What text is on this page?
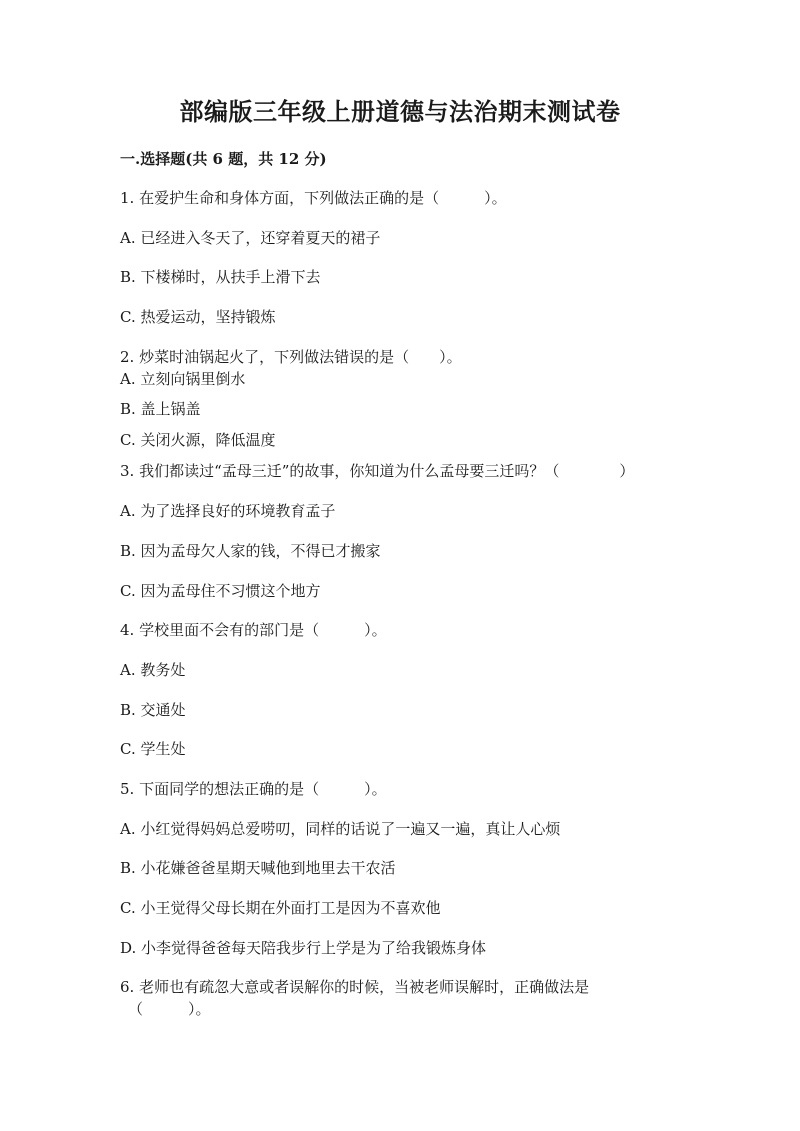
部编版三年级上册道德与法治期末测试卷
一.选择题(共 6 题，共 12 分)
1. 在爱护生命和身体方面，下列做法正确的是（　　　）。
A. 已经进入冬天了，还穿着夏天的裙子
B. 下楼梯时，从扶手上滑下去
C. 热爱运动，坚持锻炼
2. 炒菜时油锅起火了，下列做法错误的是（　　）。
A. 立刻向锅里倒水
B. 盖上锅盖
C. 关闭火源，降低温度
3. 我们都读过“孟母三迁”的故事，你知道为什么孟母要三迁吗？（　　　　）
A. 为了选择良好的环境教育孟子
B. 因为孟母欠人家的钱，不得已才搬家
C. 因为孟母住不习惯这个地方
4. 学校里面不会有的部门是（　　　）。
A. 教务处
B. 交通处
C. 学生处
5. 下面同学的想法正确的是（　　　）。
A. 小红觉得妈妈总爱唠叨，同样的话说了一遍又一遍，真让人心烦
B. 小花嫌爸爸星期天喊他到地里去干农活
C. 小王觉得父母长期在外面打工是因为不喜欢他
D. 小李觉得爸爸每天陪我步行上学是为了给我锻炼身体
6. 老师也有疏忽大意或者误解你的时候，当被老师误解时，正确做法是
（　　　）。
